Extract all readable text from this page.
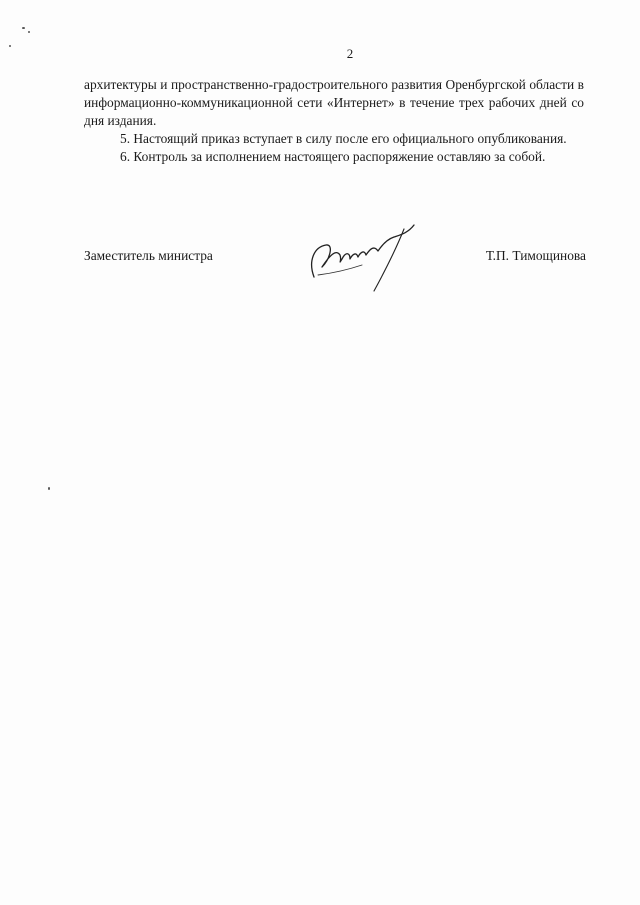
2

архитектуры и пространственно-градостроительного развития Оренбургской области в информационно-коммуникационной сети «Интернет» в течение трех рабочих дней со дня издания.

5. Настоящий приказ вступает в силу после его официального опубликования.

6. Контроль за исполнением настоящего распоряжение оставляю за собой.

Заместитель министра	Т.П. Тимощинова
